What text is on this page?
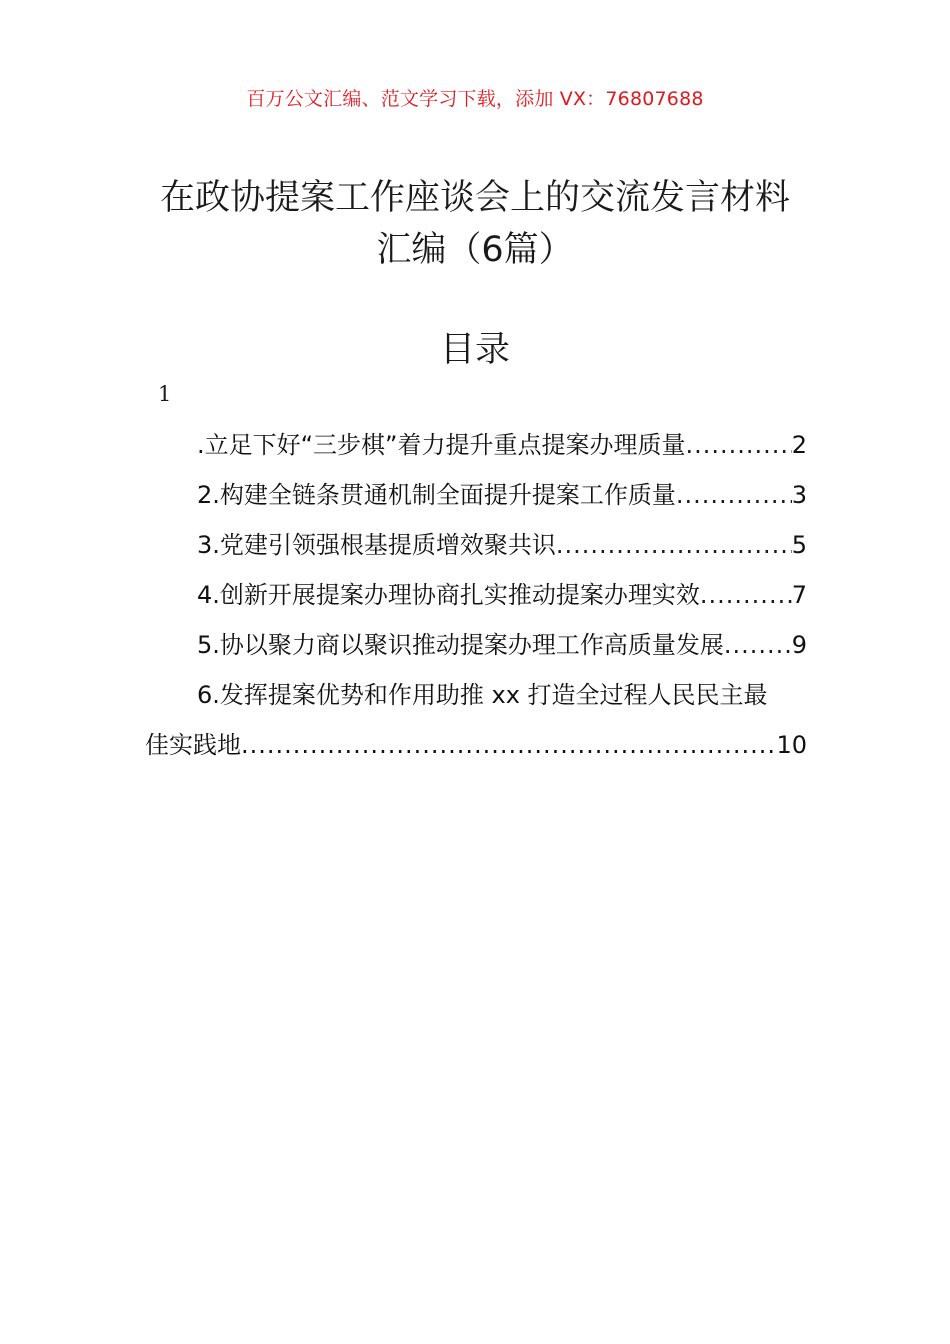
百万公文汇编、范文学习下载，添加 VX：76807688
在政协提案工作座谈会上的交流发言材料
汇编（6篇）
目录
1
.立足下好“三步棋”着力提升重点提案办理质量 .....	2
2.构建全链条贯通机制全面提升提案工作质量 .....	3
3.党建引领强根基提质增效聚共识 .....	5
4.创新开展提案办理协商扎实推动提案办理实效 .....	7
5.协以聚力商以聚识推动提案办理工作高质量发展 .....	9
6.发挥提案优势和作用助推 xx 打造全过程人民民主最
佳实践地 .....	10
